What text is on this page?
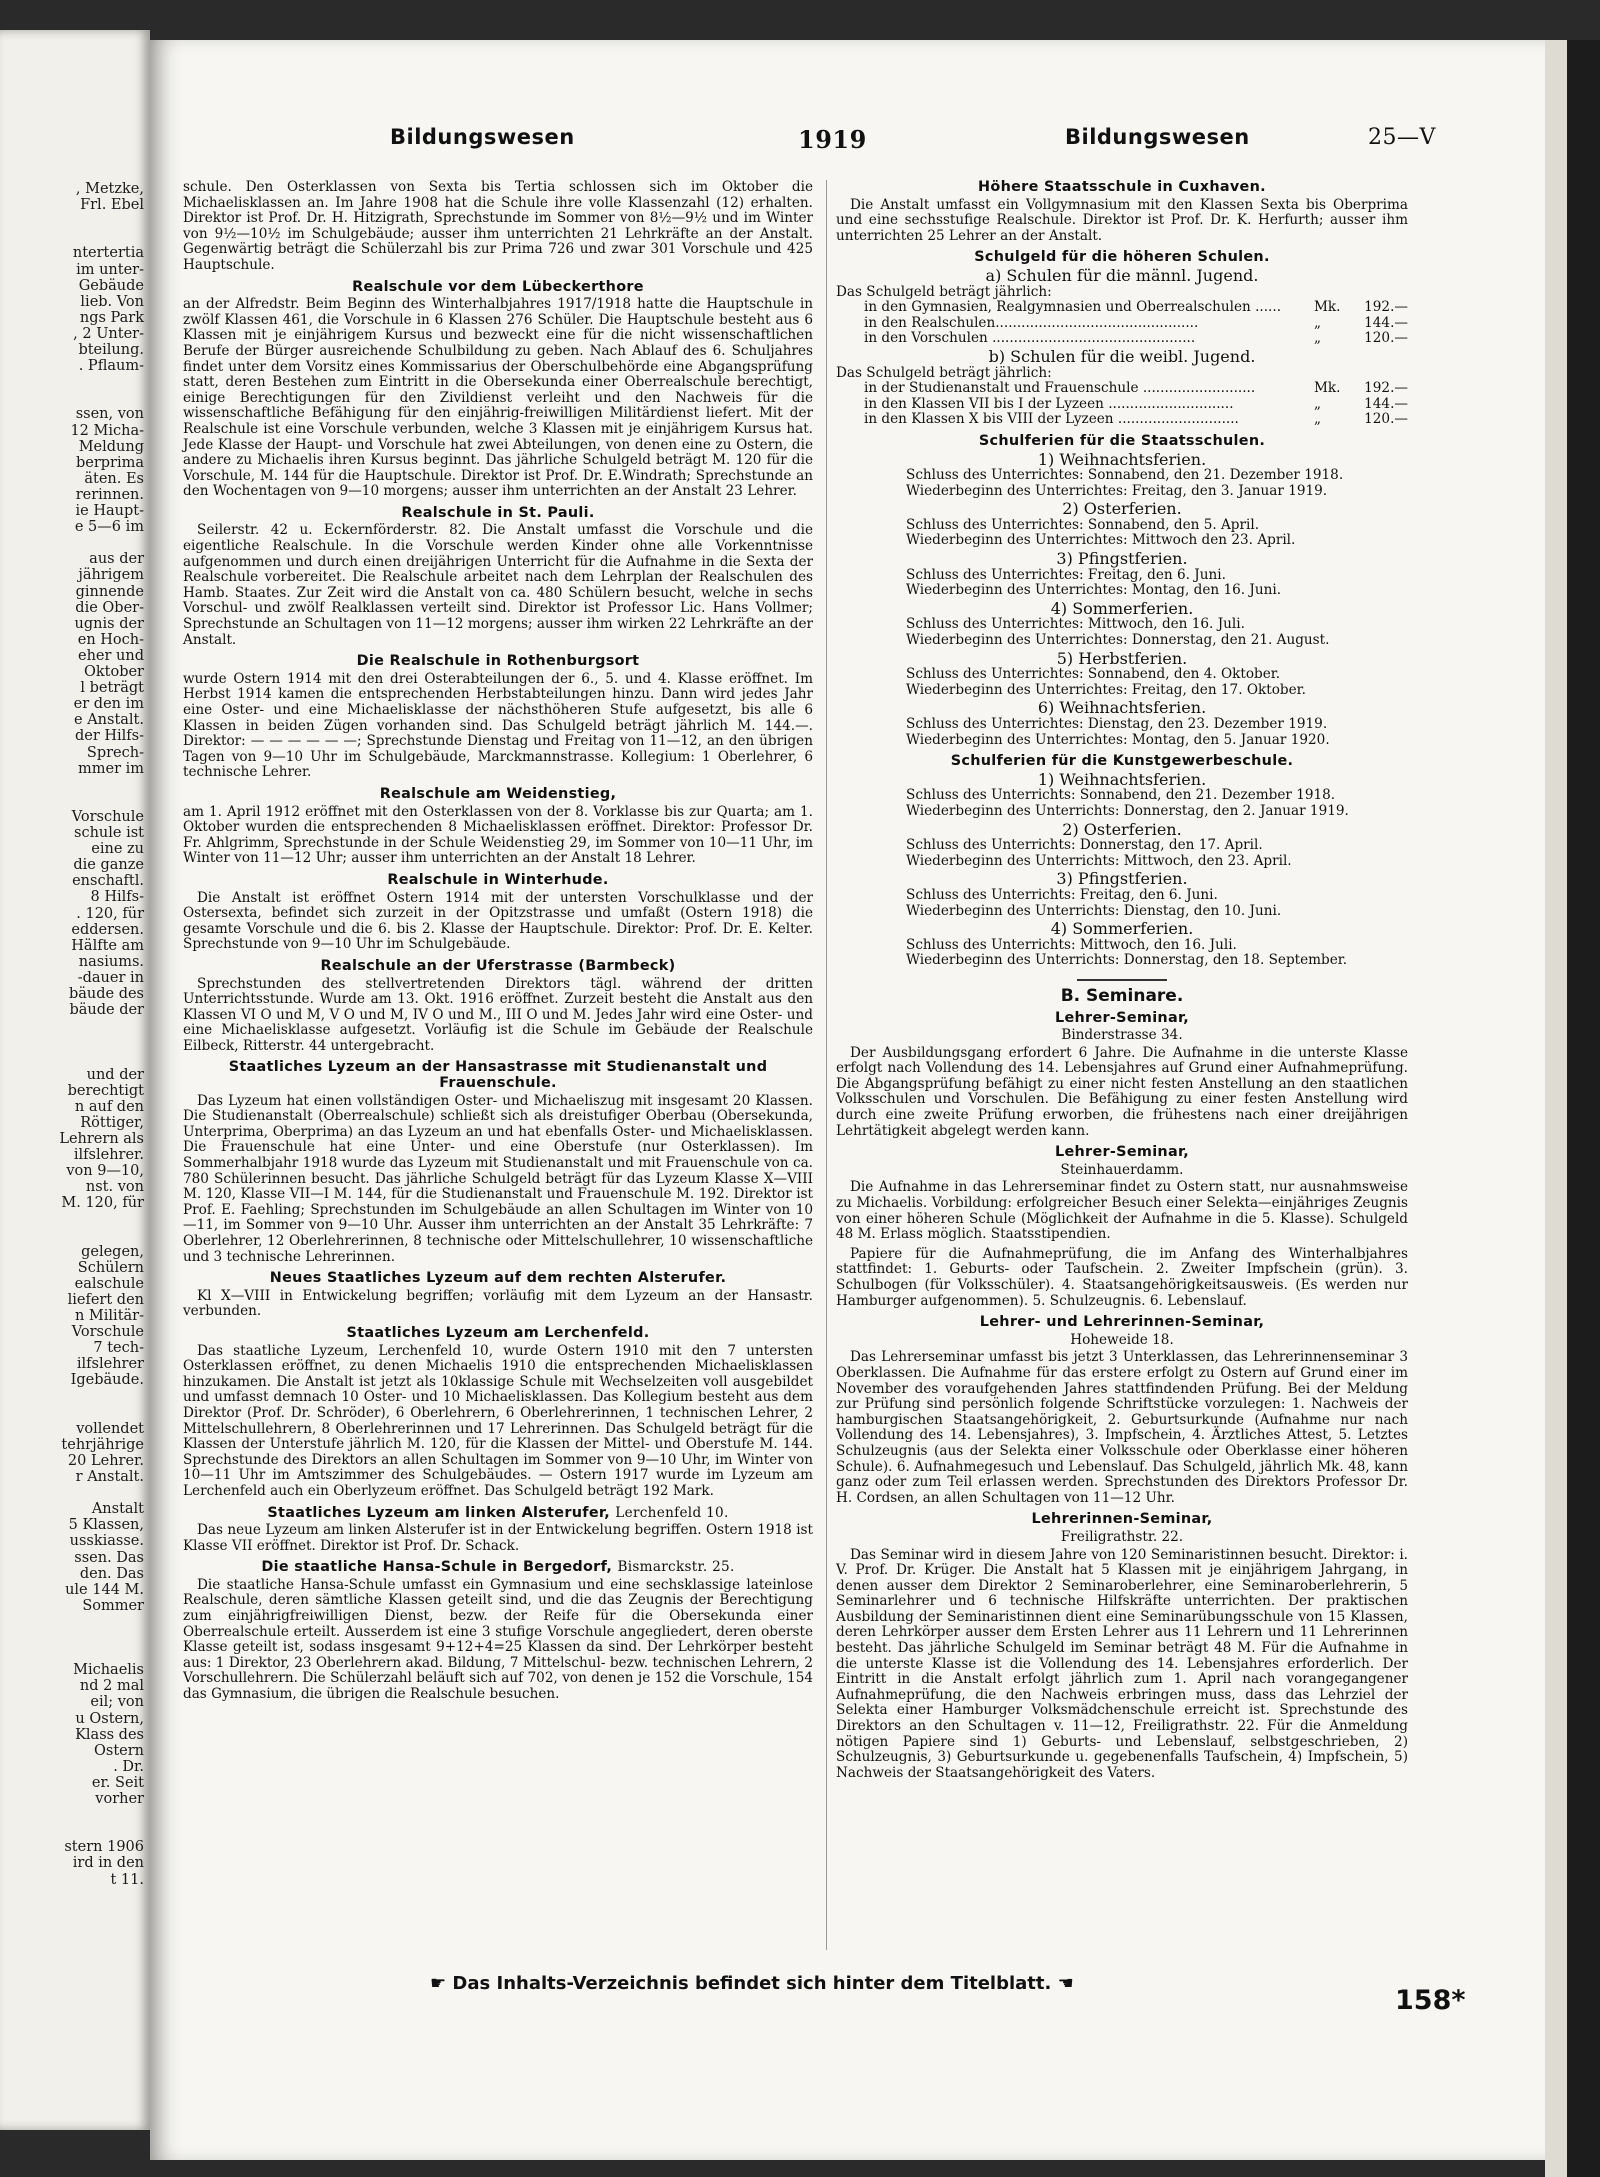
, Metzke,
Frl. Ebel
ntertertia
im unter-
Gebäude
lieb. Von
ngs Park
, 2 Unter-
bteilung.
. Pflaum-
ssen, von
12 Micha-
Meldung
berprima
äten. Es
rerinnen.
ie Haupt-
e 5—6 im
aus der
jährigem
ginnende
die Ober-
ugnis der
en Hoch-
eher und
Oktober
l beträgt
er den im
e Anstalt.
der Hilfs-
Sprech-
mmer im
Vorschule
schule ist
eine zu
die ganze
enschaftl.
8 Hilfs-
. 120, für
eddersen.
Hälfte am
nasiums.
-dauer in
bäude des
bäude der
und der
berechtigt
n auf den
Röttiger,
Lehrern als
ilfslehrer.
von 9—10,
nst. von
M. 120, für
gelegen,
Schülern
ealschule
liefert den
n Militär-
Vorschule
7 tech-
ilfslehrer
Igebäude.
vollendet
tehrjährige
20 Lehrer.
r Anstalt.
Anstalt
5 Klassen,
usskiasse.
ssen. Das
den. Das
ule 144 M.
Sommer
Michaelis
nd 2 mal
eil; von
u Ostern,
Klass des
Ostern
. Dr.
er. Seit
vorher
stern 1906
ird in den
t 11.
Bildungswesen	1919	Bildungswesen	25—V

schule. Den Osterklassen von Sexta bis Tertia schlossen sich im Oktober die Michaelisklassen an. Im Jahre 1908 hat die Schule ihre volle Klassenzahl (12) erhalten. Direktor ist Prof. Dr. H. Hitzigrath, Sprechstunde im Sommer von 8½—9½ und im Winter von 9½—10½ im Schulgebäude; ausser ihm unterrichten 21 Lehrkräfte an der Anstalt. Gegenwärtig beträgt die Schülerzahl bis zur Prima 726 und zwar 301 Vorschule und 425 Hauptschule.

Realschule vor dem Lübeckerthore

an der Alfredstr. Beim Beginn des Winterhalbjahres 1917/1918 hatte die Hauptschule in zwölf Klassen 461, die Vorschule in 6 Klassen 276 Schüler. Die Hauptschule besteht aus 6 Klassen mit je einjährigem Kursus und bezweckt eine für die nicht wissenschaftlichen Berufe der Bürger ausreichende Schulbildung zu geben. Nach Ablauf des 6. Schuljahres findet unter dem Vorsitz eines Kommissarius der Oberschulbehörde eine Abgangsprüfung statt, deren Bestehen zum Eintritt in die Obersekunda einer Oberrealschule berechtigt, einige Berechtigungen für den Zivildienst verleiht und den Nachweis für die wissenschaftliche Befähigung für den einjährig-freiwilligen Militärdienst liefert. Mit der Realschule ist eine Vorschule verbunden, welche 3 Klassen mit je einjährigem Kursus hat. Jede Klasse der Haupt- und Vorschule hat zwei Abteilungen, von denen eine zu Ostern, die andere zu Michaelis ihren Kursus beginnt. Das jährliche Schulgeld beträgt M. 120 für die Vorschule, M. 144 für die Hauptschule. Direktor ist Prof. Dr. E.Windrath; Sprechstunde an den Wochentagen von 9—10 morgens; ausser ihm unterrichten an der Anstalt 23 Lehrer.

Realschule in St. Pauli.

Seilerstr. 42 u. Eckernförderstr. 82. Die Anstalt umfasst die Vorschule und die eigentliche Realschule. In die Vorschule werden Kinder ohne alle Vorkenntnisse aufgenommen und durch einen dreijährigen Unterricht für die Aufnahme in die Sexta der Realschule vorbereitet. Die Realschule arbeitet nach dem Lehrplan der Realschulen des Hamb. Staates. Zur Zeit wird die Anstalt von ca. 480 Schülern besucht, welche in sechs Vorschul- und zwölf Realklassen verteilt sind. Direktor ist Professor Lic. Hans Vollmer; Sprechstunde an Schultagen von 11—12 morgens; ausser ihm wirken 22 Lehrkräfte an der Anstalt.

Die Realschule in Rothenburgsort

wurde Ostern 1914 mit den drei Osterabteilungen der 6., 5. und 4. Klasse eröffnet. Im Herbst 1914 kamen die entsprechenden Herbstabteilungen hinzu. Dann wird jedes Jahr eine Oster- und eine Michaelisklasse der nächsthöheren Stufe aufgesetzt, bis alle 6 Klassen in beiden Zügen vorhanden sind. Das Schulgeld beträgt jährlich M. 144.—. Direktor: — — — — — —; Sprechstunde Dienstag und Freitag von 11—12, an den übrigen Tagen von 9—10 Uhr im Schulgebäude, Marckmannstrasse. Kollegium: 1 Oberlehrer, 6 technische Lehrer.

Realschule am Weidenstieg,

am 1. April 1912 eröffnet mit den Osterklassen von der 8. Vorklasse bis zur Quarta; am 1. Oktober wurden die entsprechenden 8 Michaelisklassen eröffnet. Direktor: Professor Dr. Fr. Ahlgrimm, Sprechstunde in der Schule Weidenstieg 29, im Sommer von 10—11 Uhr, im Winter von 11—12 Uhr; ausser ihm unterrichten an der Anstalt 18 Lehrer.

Realschule in Winterhude.

Die Anstalt ist eröffnet Ostern 1914 mit der untersten Vorschulklasse und der Ostersexta, befindet sich zurzeit in der Opitzstrasse und umfaßt (Ostern 1918) die gesamte Vorschule und die 6. bis 2. Klasse der Hauptschule. Direktor: Prof. Dr. E. Kelter. Sprechstunde von 9—10 Uhr im Schulgebäude.

Realschule an der Uferstrasse (Barmbeck)

Sprechstunden des stellvertretenden Direktors tägl. während der dritten Unterrichtsstunde. Wurde am 13. Okt. 1916 eröffnet. Zurzeit besteht die Anstalt aus den Klassen VI O und M, V O und M, IV O und M., III O und M. Jedes Jahr wird eine Oster- und eine Michaelisklasse aufgesetzt. Vorläufig ist die Schule im Gebäude der Realschule Eilbeck, Ritterstr. 44 untergebracht.

Staatliches Lyzeum an der Hansastrasse mit Studienanstalt und Frauenschule.

Das Lyzeum hat einen vollständigen Oster- und Michaeliszug mit insgesamt 20 Klassen. Die Studienanstalt (Oberrealschule) schließt sich als dreistufiger Oberbau (Obersekunda, Unterprima, Oberprima) an das Lyzeum an und hat ebenfalls Oster- und Michaelisklassen. Die Frauenschule hat eine Unter- und eine Oberstufe (nur Osterklassen). Im Sommerhalbjahr 1918 wurde das Lyzeum mit Studienanstalt und mit Frauenschule von ca. 780 Schülerinnen besucht. Das jährliche Schulgeld beträgt für das Lyzeum Klasse X—VIII M. 120, Klasse VII—I M. 144, für die Studienanstalt und Frauenschule M. 192. Direktor ist Prof. E. Faehling; Sprechstunden im Schulgebäude an allen Schultagen im Winter von 10—11, im Sommer von 9—10 Uhr. Ausser ihm unterrichten an der Anstalt 35 Lehrkräfte: 7 Oberlehrer, 12 Oberlehrerinnen, 8 technische oder Mittelschullehrer, 10 wissenschaftliche und 3 technische Lehrerinnen.

Neues Staatliches Lyzeum auf dem rechten Alsterufer.

Kl X—VIII in Entwickelung begriffen; vorläufig mit dem Lyzeum an der Hansastr. verbunden.

Staatliches Lyzeum am Lerchenfeld.

Das staatliche Lyzeum, Lerchenfeld 10, wurde Ostern 1910 mit den 7 untersten Osterklassen eröffnet, zu denen Michaelis 1910 die entsprechenden Michaelisklassen hinzukamen. Die Anstalt ist jetzt als 10klassige Schule mit Wechselzeiten voll ausgebildet und umfasst demnach 10 Oster- und 10 Michaelisklassen. Das Kollegium besteht aus dem Direktor (Prof. Dr. Schröder), 6 Oberlehrern, 6 Oberlehrerinnen, 1 technischen Lehrer, 2 Mittelschullehrern, 8 Oberlehrerinnen und 17 Lehrerinnen. Das Schulgeld beträgt für die Klassen der Unterstufe jährlich M. 120, für die Klassen der Mittel- und Oberstufe M. 144. Sprechstunde des Direktors an allen Schultagen im Sommer von 9—10 Uhr, im Winter von 10—11 Uhr im Amtszimmer des Schulgebäudes. — Ostern 1917 wurde im Lyzeum am Lerchenfeld auch ein Oberlyzeum eröffnet. Das Schulgeld beträgt 192 Mark.

Staatliches Lyzeum am linken Alsterufer, Lerchenfeld 10.

Das neue Lyzeum am linken Alsterufer ist in der Entwickelung begriffen. Ostern 1918 ist Klasse VII eröffnet. Direktor ist Prof. Dr. Schack.

Die staatliche Hansa-Schule in Bergedorf, Bismarckstr. 25.

Die staatliche Hansa-Schule umfasst ein Gymnasium und eine sechsklassige lateinlose Realschule, deren sämtliche Klassen geteilt sind, und die das Zeugnis der Berechtigung zum einjährigfreiwilligen Dienst, bezw. der Reife für die Obersekunda einer Oberrealschule erteilt. Ausserdem ist eine 3 stufige Vorschule angegliedert, deren oberste Klasse geteilt ist, sodass insgesamt 9+12+4=25 Klassen da sind. Der Lehrkörper besteht aus: 1 Direktor, 23 Oberlehrern akad. Bildung, 7 Mittelschul- bezw. technischen Lehrern, 2 Vorschullehrern. Die Schülerzahl beläuft sich auf 702, von denen je 152 die Vorschule, 154 das Gymnasium, die übrigen die Realschule besuchen.

Höhere Staatsschule in Cuxhaven.

Die Anstalt umfasst ein Vollgymnasium mit den Klassen Sexta bis Oberprima und eine sechsstufige Realschule. Direktor ist Prof. Dr. K. Herfurth; ausser ihm unterrichten 25 Lehrer an der Anstalt.

Schulgeld für die höheren Schulen.
a) Schulen für die männl. Jugend.
Das Schulgeld beträgt jährlich:
in den Gymnasien, Realgymnasien und Oberrealschulen ......	Mk.	192.—
in den Realschulen...............................................	„	144.—
in den Vorschulen ...............................................	„	120.—
b) Schulen für die weibl. Jugend.
Das Schulgeld beträgt jährlich:
in der Studienanstalt und Frauenschule ..........................	Mk.	192.—
in den Klassen VII bis I der Lyzeen .............................	„	144.—
in den Klassen X bis VIII der Lyzeen ............................	„	120.—
Schulferien für die Staatsschulen.
1) Weihnachtsferien.
Schluss des Unterrichtes: Sonnabend, den 21. Dezember 1918.
Wiederbeginn des Unterrichtes: Freitag, den 3. Januar 1919.
2) Osterferien.
Schluss des Unterrichtes: Sonnabend, den 5. April.
Wiederbeginn des Unterrichtes: Mittwoch den 23. April.
3) Pfingstferien.
Schluss des Unterrichtes: Freitag, den 6. Juni.
Wiederbeginn des Unterrichtes: Montag, den 16. Juni.
4) Sommerferien.
Schluss des Unterrichtes: Mittwoch, den 16. Juli.
Wiederbeginn des Unterrichtes: Donnerstag, den 21. August.
5) Herbstferien.
Schluss des Unterrichtes: Sonnabend, den 4. Oktober.
Wiederbeginn des Unterrichtes: Freitag, den 17. Oktober.
6) Weihnachtsferien.
Schluss des Unterrichtes: Dienstag, den 23. Dezember 1919.
Wiederbeginn des Unterrichtes: Montag, den 5. Januar 1920.
Schulferien für die Kunstgewerbeschule.
1) Weihnachtsferien.
Schluss des Unterrichts: Sonnabend, den 21. Dezember 1918.
Wiederbeginn des Unterrichts: Donnerstag, den 2. Januar 1919.
2) Osterferien.
Schluss des Unterrichts: Donnerstag, den 17. April.
Wiederbeginn des Unterrichts: Mittwoch, den 23. April.
3) Pfingstferien.
Schluss des Unterrichts: Freitag, den 6. Juni.
Wiederbeginn des Unterrichts: Dienstag, den 10. Juni.
4) Sommerferien.
Schluss des Unterrichts: Mittwoch, den 16. Juli.
Wiederbeginn des Unterrichts: Donnerstag, den 18. September.
B. Seminare.
Lehrer-Seminar,
Binderstrasse 34.

Der Ausbildungsgang erfordert 6 Jahre. Die Aufnahme in die unterste Klasse erfolgt nach Vollendung des 14. Lebensjahres auf Grund einer Aufnahmeprüfung. Die Abgangsprüfung befähigt zu einer nicht festen Anstellung an den staatlichen Volksschulen und Vorschulen. Die Befähigung zu einer festen Anstellung wird durch eine zweite Prüfung erworben, die frühestens nach einer dreijährigen Lehrtätigkeit abgelegt werden kann.

Lehrer-Seminar,
Steinhauerdamm.

Die Aufnahme in das Lehrerseminar findet zu Ostern statt, nur ausnahmsweise zu Michaelis. Vorbildung: erfolgreicher Besuch einer Selekta—einjähriges Zeugnis von einer höheren Schule (Möglichkeit der Aufnahme in die 5. Klasse). Schulgeld 48 M. Erlass möglich. Staatsstipendien.

Papiere für die Aufnahmeprüfung, die im Anfang des Winterhalbjahres stattfindet: 1. Geburts- oder Taufschein. 2. Zweiter Impfschein (grün). 3. Schulbogen (für Volksschüler). 4. Staatsangehörigkeitsausweis. (Es werden nur Hamburger aufgenommen). 5. Schulzeugnis. 6. Lebenslauf.

Lehrer- und Lehrerinnen-Seminar,
Hoheweide 18.

Das Lehrerseminar umfasst bis jetzt 3 Unterklassen, das Lehrerinnenseminar 3 Oberklassen. Die Aufnahme für das erstere erfolgt zu Ostern auf Grund einer im November des voraufgehenden Jahres stattfindenden Prüfung. Bei der Meldung zur Prüfung sind persönlich folgende Schriftstücke vorzulegen: 1. Nachweis der hamburgischen Staatsangehörigkeit, 2. Geburtsurkunde (Aufnahme nur nach Vollendung des 14. Lebensjahres), 3. Impfschein, 4. Ärztliches Attest, 5. Letztes Schulzeugnis (aus der Selekta einer Volksschule oder Oberklasse einer höheren Schule). 6. Aufnahmegesuch und Lebenslauf. Das Schulgeld, jährlich Mk. 48, kann ganz oder zum Teil erlassen werden. Sprechstunden des Direktors Professor Dr. H. Cordsen, an allen Schultagen von 11—12 Uhr.

Lehrerinnen-Seminar,
Freiligrathstr. 22.

Das Seminar wird in diesem Jahre von 120 Seminaristinnen besucht. Direktor: i. V. Prof. Dr. Krüger. Die Anstalt hat 5 Klassen mit je einjährigem Jahrgang, in denen ausser dem Direktor 2 Seminaroberlehrer, eine Seminaroberlehrerin, 5 Seminarlehrer und 6 technische Hilfskräfte unterrichten. Der praktischen Ausbildung der Seminaristinnen dient eine Seminarübungsschule von 15 Klassen, deren Lehrkörper ausser dem Ersten Lehrer aus 11 Lehrern und 11 Lehrerinnen besteht. Das jährliche Schulgeld im Seminar beträgt 48 M. Für die Aufnahme in die unterste Klasse ist die Vollendung des 14. Lebensjahres erforderlich. Der Eintritt in die Anstalt erfolgt jährlich zum 1. April nach vorangegangener Aufnahmeprüfung, die den Nachweis erbringen muss, dass das Lehrziel der Selekta einer Hamburger Volksmädchenschule erreicht ist. Sprechstunde des Direktors an den Schultagen v. 11—12, Freiligrathstr. 22. Für die Anmeldung nötigen Papiere sind 1) Geburts- und Lebenslauf, selbstgeschrieben, 2) Schulzeugnis, 3) Geburtsurkunde u. gegebenenfalls Taufschein, 4) Impfschein, 5) Nachweis der Staatsangehörigkeit des Vaters.

☛ Das Inhalts-Verzeichnis befindet sich hinter dem Titelblatt. ☚
158*
